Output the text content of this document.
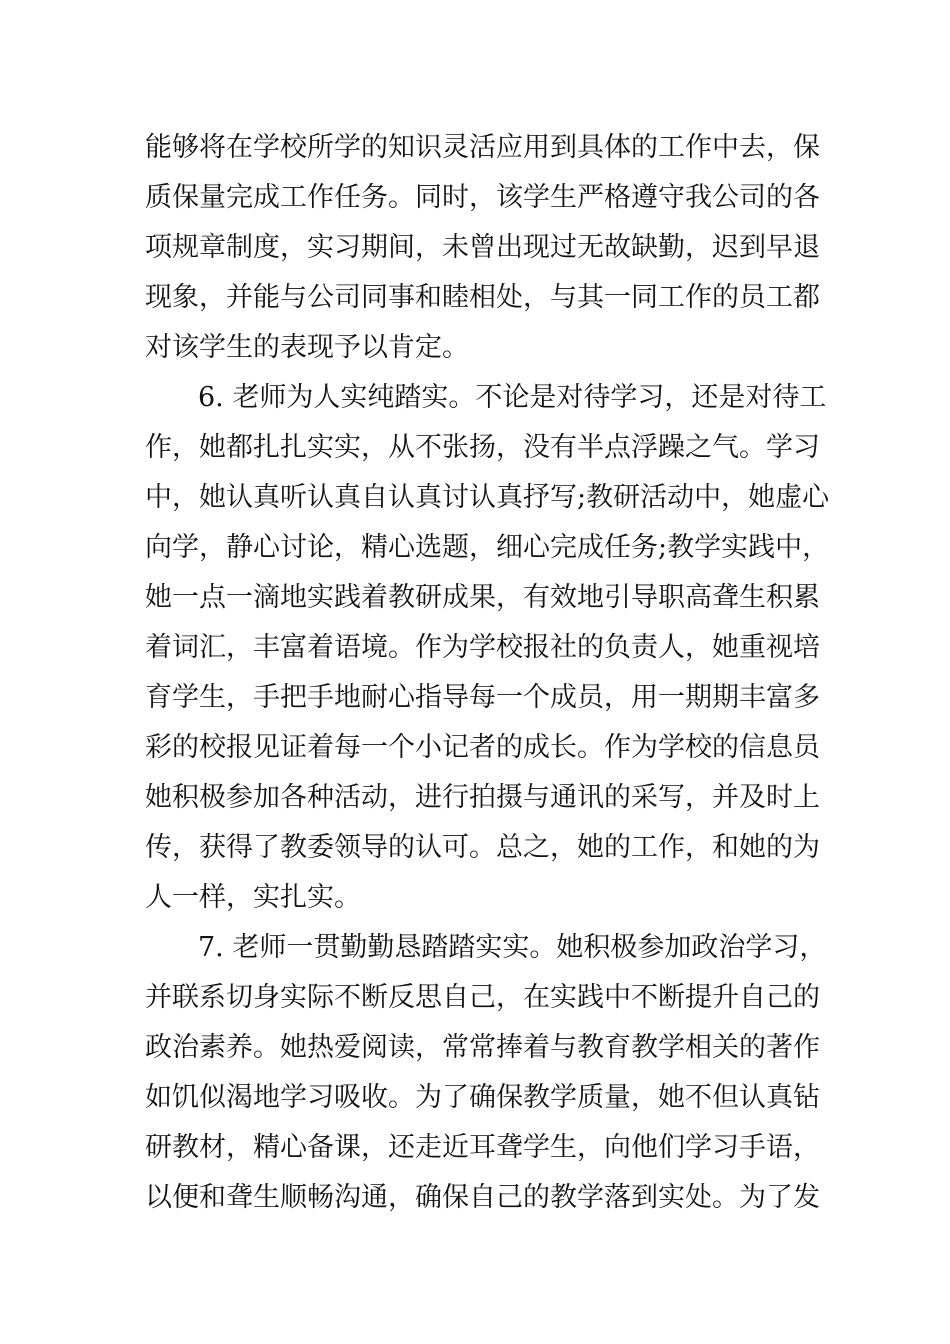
能够将在学校所学的知识灵活应用到具体的工作中去，保
质保量完成工作任务。同时，该学生严格遵守我公司的各
项规章制度，实习期间，未曾出现过无故缺勤，迟到早退
现象，并能与公司同事和睦相处，与其一同工作的员工都
对该学生的表现予以肯定。
6. 老师为人实纯踏实。不论是对待学习，还是对待工
作，她都扎扎实实，从不张扬，没有半点浮躁之气。学习
中，她认真听认真自认真讨认真抒写;教研活动中，她虚心
向学，静心讨论，精心选题，细心完成任务;教学实践中，
她一点一滴地实践着教研成果，有效地引导职高聋生积累
着词汇，丰富着语境。作为学校报社的负责人，她重视培
育学生，手把手地耐心指导每一个成员，用一期期丰富多
彩的校报见证着每一个小记者的成长。作为学校的信息员
她积极参加各种活动，进行拍摄与通讯的采写，并及时上
传，获得了教委领导的认可。总之，她的工作，和她的为
人一样，实扎实。
7. 老师一贯勤勤恳踏踏实实。她积极参加政治学习，
并联系切身实际不断反思自己，在实践中不断提升自己的
政治素养。她热爱阅读，常常捧着与教育教学相关的著作
如饥似渴地学习吸收。为了确保教学质量，她不但认真钻
研教材，精心备课，还走近耳聋学生，向他们学习手语，
以便和聋生顺畅沟通，确保自己的教学落到实处。为了发
